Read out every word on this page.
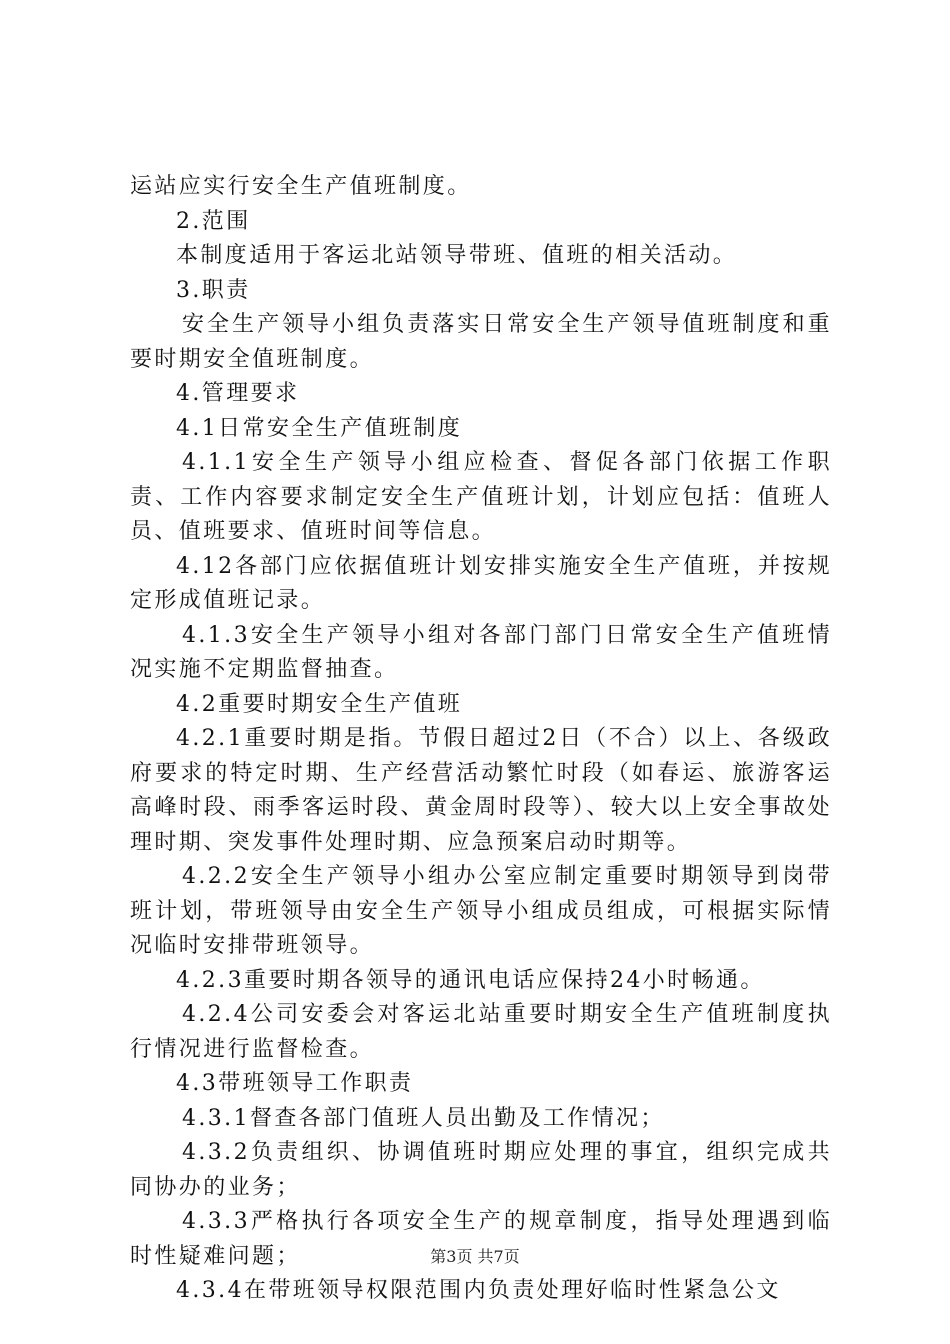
运站应实行安全生产值班制度。

2.范围

本制度适用于客运北站领导带班、值班的相关活动。

3.职责

安全生产领导小组负责落实日常安全生产领导值班制度和重要时期安全值班制度。

4.管理要求

4.1日常安全生产值班制度

4.1.1安全生产领导小组应检查、督促各部门依据工作职责、工作内容要求制定安全生产值班计划，计划应包括：值班人员、值班要求、值班时间等信息。

4.12各部门应依据值班计划安排实施安全生产值班，并按规定形成值班记录。

4.1.3安全生产领导小组对各部门部门日常安全生产值班情况实施不定期监督抽查。

4.2重要时期安全生产值班

4.2.1重要时期是指。节假日超过2日（不合）以上、各级政府要求的特定时期、生产经营活动繁忙时段（如春运、旅游客运高峰时段、雨季客运时段、黄金周时段等）、较大以上安全事故处理时期、突发事件处理时期、应急预案启动时期等。

4.2.2安全生产领导小组办公室应制定重要时期领导到岗带班计划，带班领导由安全生产领导小组成员组成，可根据实际情况临时安排带班领导。

4.2.3重要时期各领导的通讯电话应保持24小时畅通。

4.2.4公司安委会对客运北站重要时期安全生产值班制度执行情况进行监督检查。

4.3带班领导工作职责

4.3.1督查各部门值班人员出勤及工作情况；

4.3.2负责组织、协调值班时期应处理的事宜，组织完成共同协办的业务；

4.3.3严格执行各项安全生产的规章制度，指导处理遇到临时性疑难问题；

4.3.4在带班领导权限范围内负责处理好临时性紧急公文

第3页 共7页
